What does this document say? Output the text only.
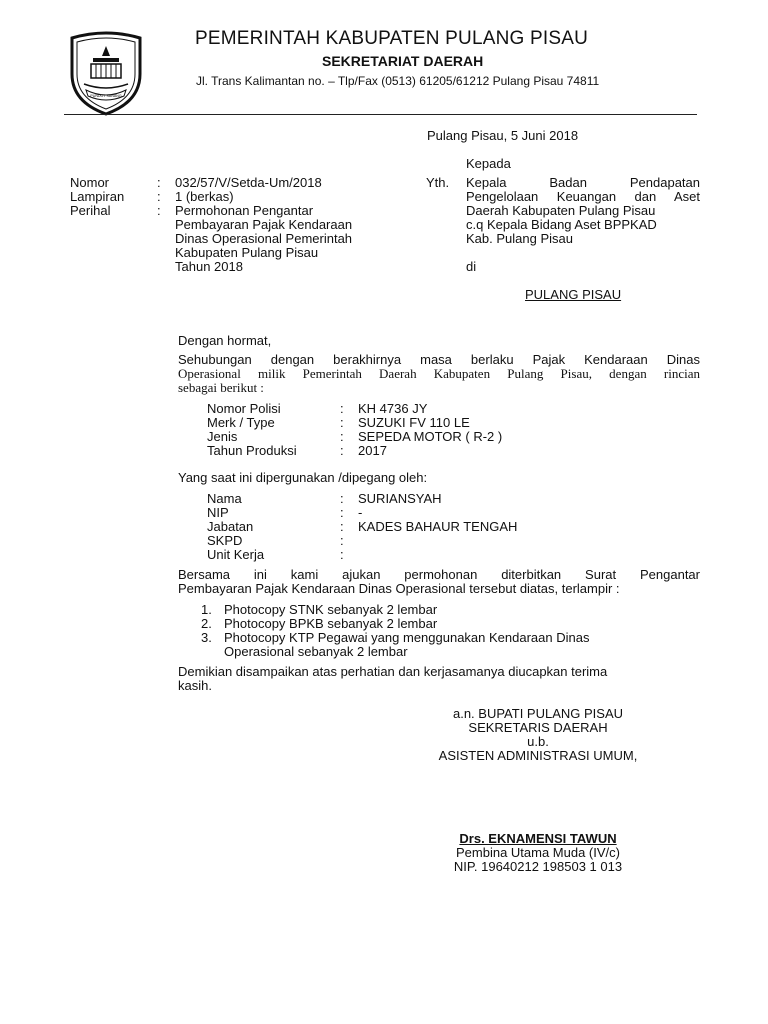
PUNDOT SANANG
PEMERINTAH KABUPATEN PULANG PISAU
SEKRETARIAT DAERAH
Jl. Trans Kalimantan no. – Tlp/Fax (0513) 61205/61212 Pulang Pisau 74811
Pulang Pisau, 5 Juni 2018
Kepada
Nomor	: 032/57/V/Setda-Um/2018
Lampiran	: 1 (berkas)
Perihal	: Permohonan Pengantar
Pembayaran Pajak Kendaraan
Dinas Operasional Pemerintah
Kabupaten Pulang Pisau
Tahun 2018
Yth. Kepala Badan Pendapatan
Pengelolaan Keuangan dan Aset
Daerah Kabupaten Pulang Pisau
c.q Kepala Bidang Aset BPPKAD
Kab. Pulang Pisau
di
PULANG PISAU
Dengan hormat,
Sehubungan dengan berakhirnya masa berlaku Pajak Kendaraan Dinas
Operasional milik Pemerintah Daerah Kabupaten Pulang Pisau, dengan rincian
sebagai berikut :
Nomor Polisi	: KH 4736 JY
Merk / Type	: SUZUKI FV 110 LE
Jenis	: SEPEDA MOTOR ( R-2 )
Tahun Produksi	: 2017
Yang saat ini dipergunakan /dipegang oleh:
Nama	: SURIANSYAH
NIP	: -
Jabatan	: KADES BAHAUR TENGAH
SKPD	:
Unit Kerja	:
Bersama ini kami ajukan permohonan diterbitkan Surat Pengantar
Pembayaran Pajak Kendaraan Dinas Operasional tersebut diatas, terlampir :
1. Photocopy STNK sebanyak 2 lembar
2. Photocopy BPKB sebanyak 2 lembar
3. Photocopy KTP Pegawai yang menggunakan Kendaraan Dinas
Operasional sebanyak 2 lembar
Demikian disampaikan atas perhatian dan kerjasamanya diucapkan terima
kasih.
a.n. BUPATI PULANG PISAU
SEKRETARIS DAERAH
u.b.
ASISTEN ADMINISTRASI UMUM,
Drs. EKNAMENSI TAWUN
Pembina Utama Muda (IV/c)
NIP. 19640212 198503 1 013
